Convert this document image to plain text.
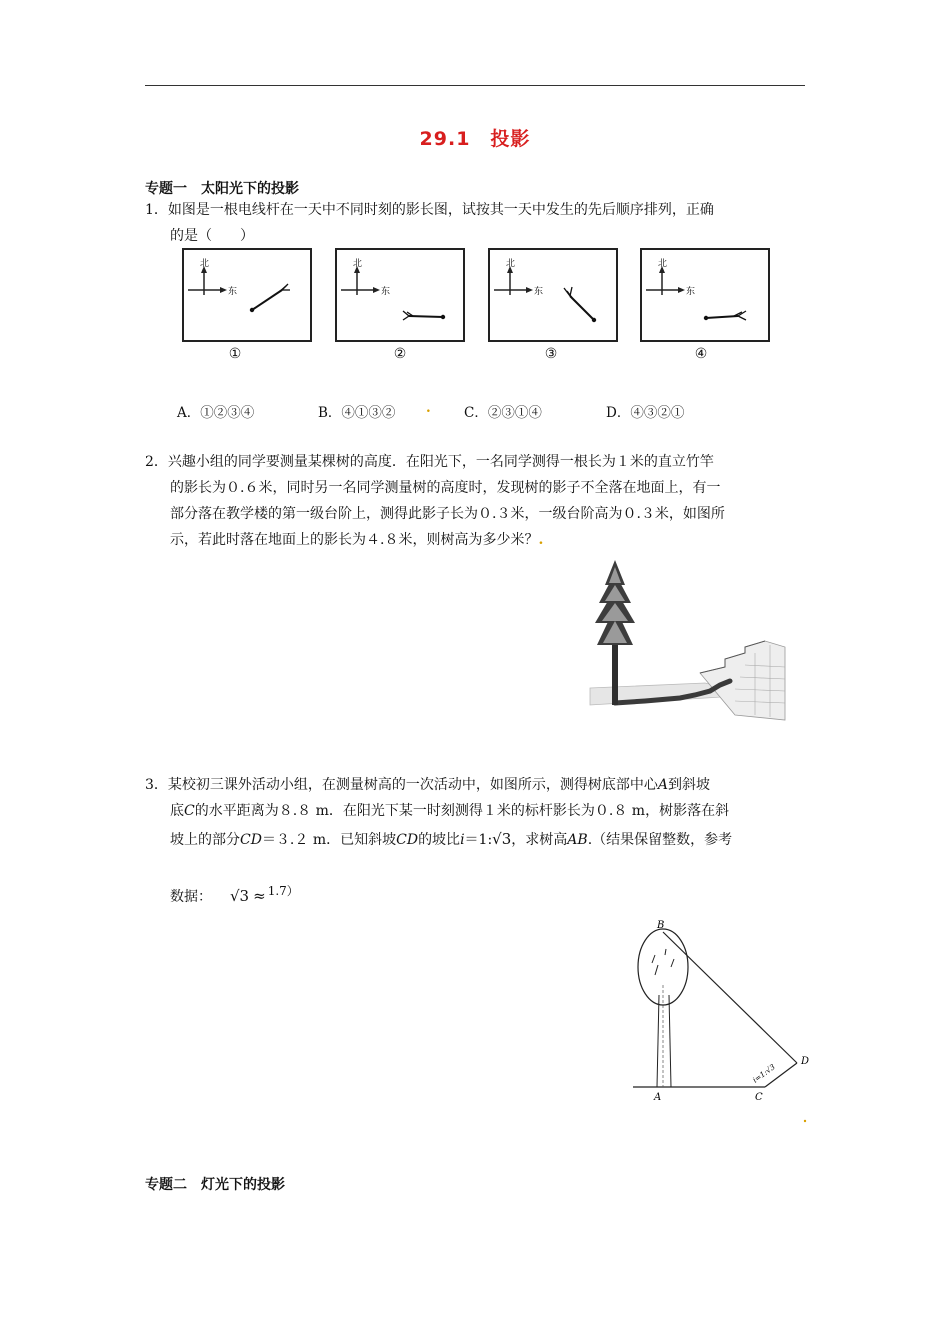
29.1　投影
专题一　太阳光下的投影
1．如图是一根电线杆在一天中不同时刻的影长图，试按其一天中发生的先后顺序排列，正确
的是（　　）
北
东
①
北
东
②
北
东
③
北
东
④
A．①②③④	B．④①③② . C．②③①④	D．④③②①
2．兴趣小组的同学要测量某棵树的高度．在阳光下，一名同学测得一根长为１米的直立竹竿
的影长为０.６米，同时另一名同学测量树的高度时，发现树的影子不全落在地面上，有一
部分落在教学楼的第一级台阶上，测得此影子长为０.３米，一级台阶高为０.３米，如图所
示，若此时落在地面上的影长为４.８米，则树高为多少米？.
3．某校初三课外活动小组，在测量树高的一次活动中，如图所示，测得树底部中心A到斜坡
底C的水平距离为８.８ m．在阳光下某一时刻测得１米的标杆影长为０.８ m，树影落在斜
坡上的部分CD＝３.２ m．已知斜坡CD的坡比i＝1:√3，求树高AB.（结果保留整数，参考
数据： √3 ≈ 1.7）
B
A	C
D
i=1:√3
专题二　灯光下的投影
